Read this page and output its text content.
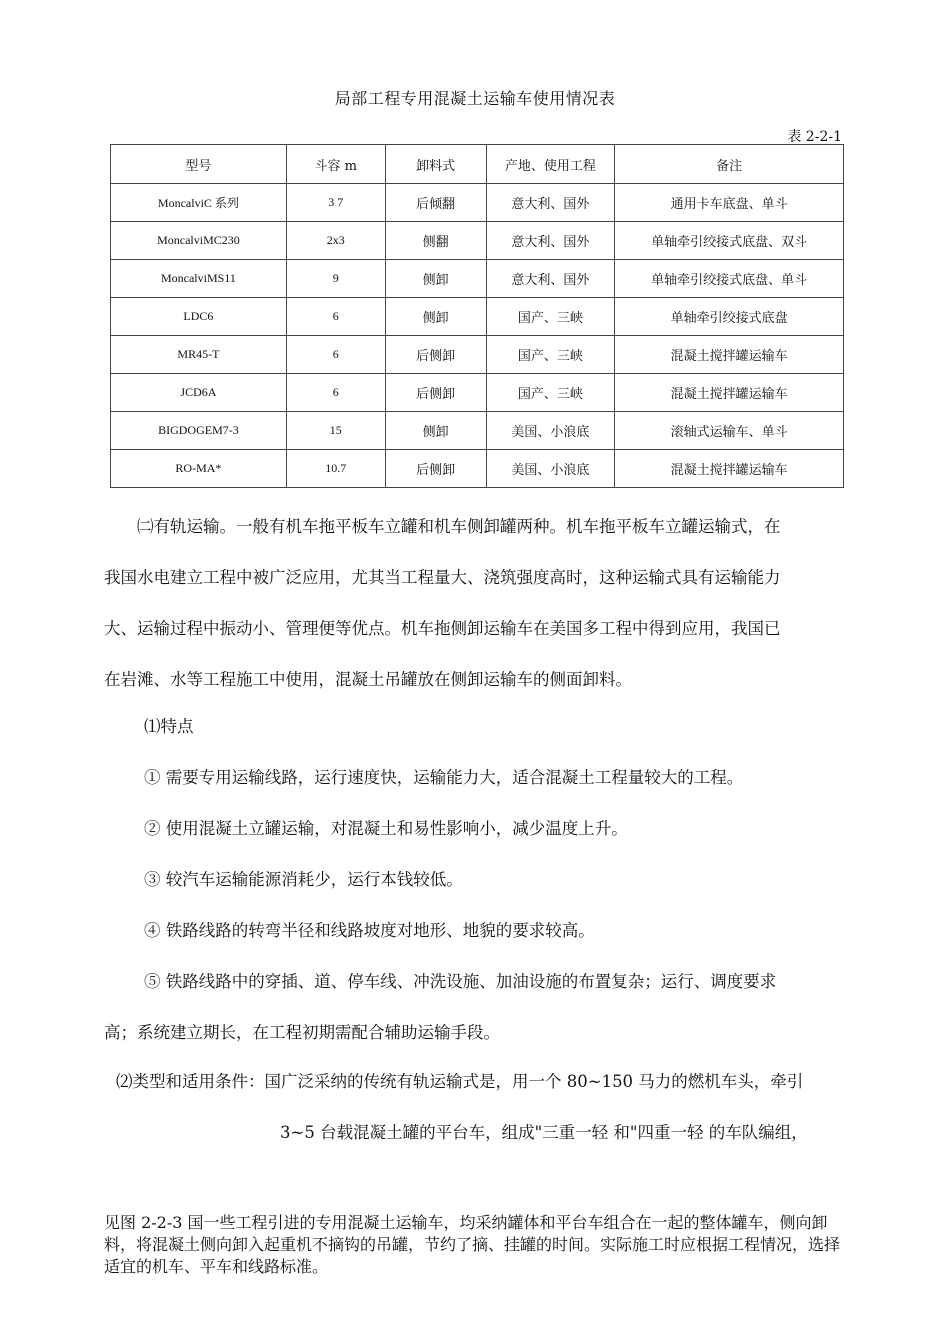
局部工程专用混凝土运输车使用情况表
表 2-2-1
型号	斗容 m	卸料式	产地、使用工程	备注
MoncalviC 系列	3 7	后倾翻	意大利、国外	通用卡车底盘、单斗
MoncalviMC230	2x3	侧翻	意大利、国外	单轴牵引绞接式底盘、双斗
MoncalviMS11	9	侧卸	意大利、国外	单轴牵引绞接式底盘、单斗
LDC6	6	侧卸	国产、三峡	单轴牵引绞接式底盘
MR45-T	6	后侧卸	国产、三峡	混凝土搅拌罐运输车
JCD6A	6	后侧卸	国产、三峡	混凝土搅拌罐运输车
BIGDOGEM7-3	15	侧卸	美国、小浪底	滚轴式运输车、单斗
RO-MA*	10.7	后侧卸	美国、小浪底	混凝土搅拌罐运输车
㈡有轨运输。一般有机车拖平板车立罐和机车侧卸罐两种。机车拖平板车立罐运输式，在
我国水电建立工程中被广泛应用，尤其当工程量大、浇筑强度高时，这种运输式具有运输能力
大、运输过程中振动小、管理便等优点。机车拖侧卸运输车在美国多工程中得到应用，我国已
在岩滩、水等工程施工中使用，混凝土吊罐放在侧卸运输车的侧面卸料。
⑴特点
① 需要专用运输线路，运行速度快，运输能力大，适合混凝土工程量较大的工程。
② 使用混凝土立罐运输，对混凝土和易性影响小，减少温度上升。
③ 较汽车运输能源消耗少，运行本钱较低。
④ 铁路线路的转弯半径和线路坡度对地形、地貌的要求较高。
⑤ 铁路线路中的穿插、道、停车线、冲洗设施、加油设施的布置复杂；运行、调度要求
高；系统建立期长，在工程初期需配合辅助运输手段。
⑵类型和适用条件：国广泛采纳的传统有轨运输式是，用一个 80~150 马力的燃机车头，牵引
3~5 台载混凝土罐的平台车，组成"三重一轻 和"四重一轻 的车队编组，
见图 2-2-3 国一些工程引进的专用混凝土运输车，均采纳罐体和平台车组合在一起的整体罐车，侧向卸料，将混凝土侧向卸入起重机不摘钩的吊罐，节约了摘、挂罐的时间。实际施工时应根据工程情况，选择适宜的机车、平车和线路标准。
